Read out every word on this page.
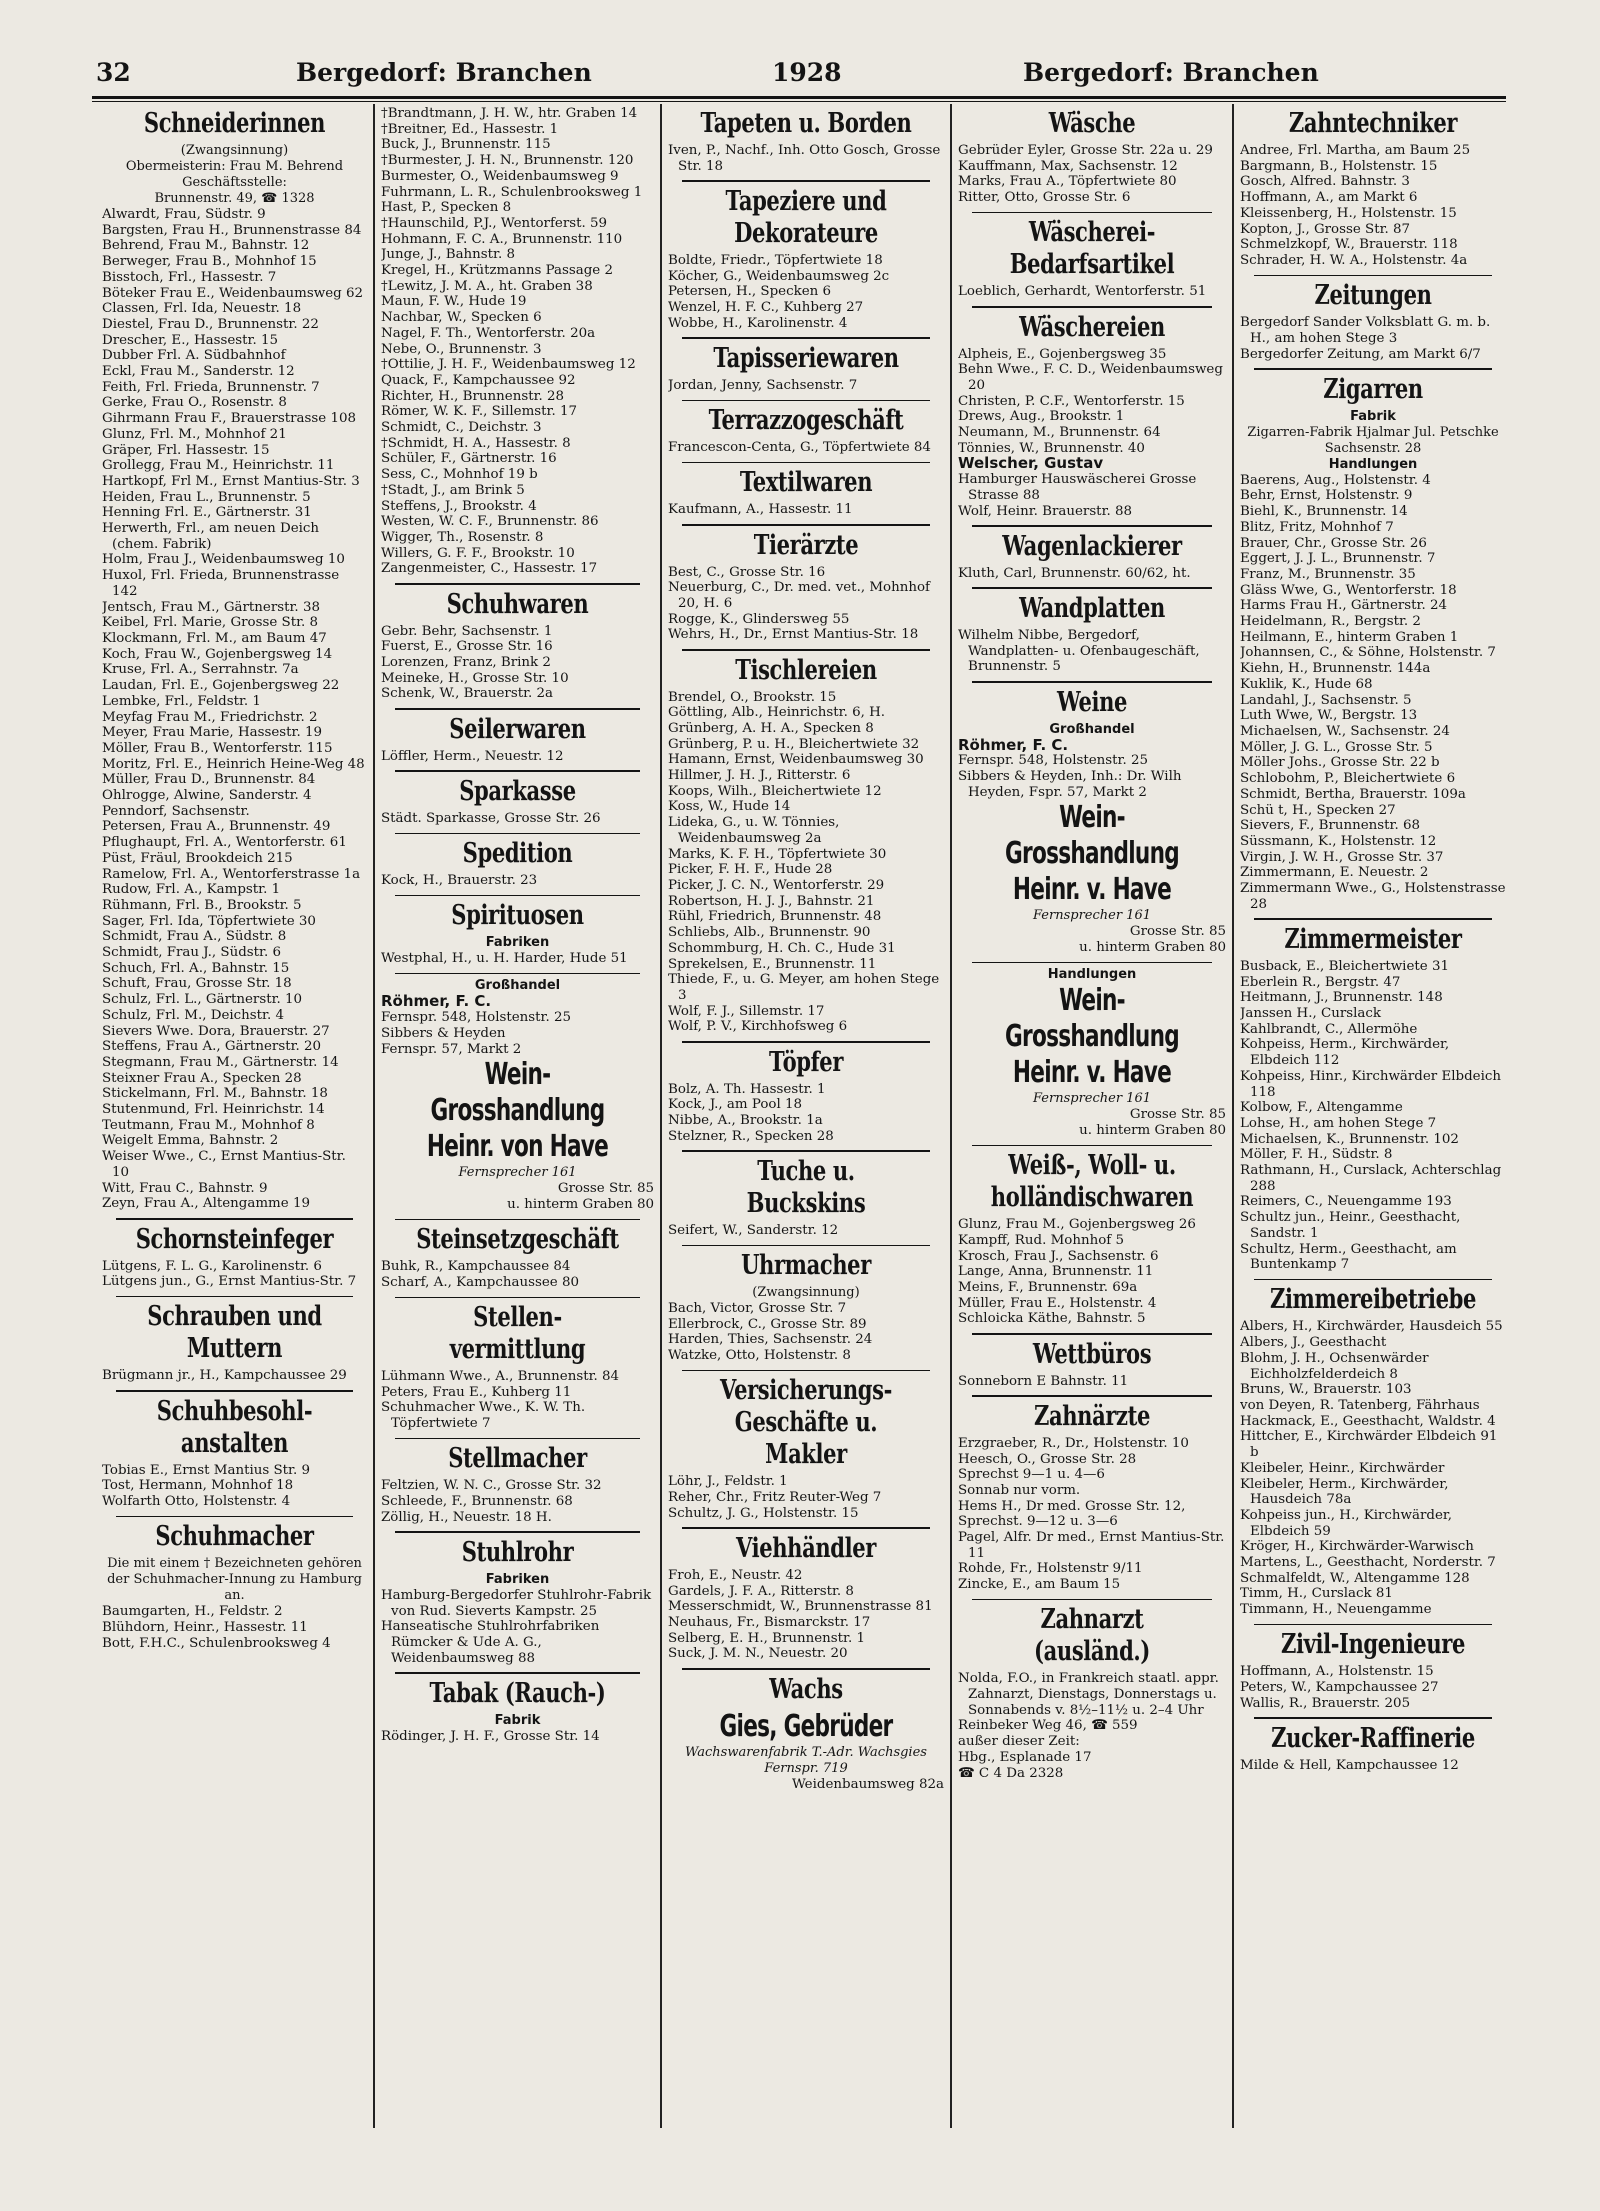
32	Bergedorf: Branchen	1928	Bergedorf: Branchen
Schneiderinnen
(Zwangsinnung)
Obermeisterin: Frau M. Behrend
Geschäftsstelle:
Brunnenstr. 49, ☎ 1328
Alwardt, Frau, Südstr. 9
Bargsten, Frau H., Brunnenstrasse 84
Behrend, Frau M., Bahnstr. 12
Berweger, Frau B., Mohnhof 15
Bisstoch, Frl., Hassestr. 7
Böteker Frau E., Weidenbaumsweg 62
Classen, Frl. Ida, Neuestr. 18
Diestel, Frau D., Brunnenstr. 22
Drescher, E., Hassestr. 15
Dubber Frl. A. Südbahnhof
Eckl, Frau M., Sanderstr. 12
Feith, Frl. Frieda, Brunnenstr. 7
Gerke, Frau O., Rosenstr. 8
Gihrmann Frau F., Brauerstrasse 108
Glunz, Frl. M., Mohnhof 21
Gräper, Frl. Hassestr. 15
Grollegg, Frau M., Heinrichstr. 11
Hartkopf, Frl M., Ernst Mantius-Str. 3
Heiden, Frau L., Brunnenstr. 5
Henning Frl. E., Gärtnerstr. 31
Herwerth, Frl., am neuen Deich (chem. Fabrik)
Holm, Frau J., Weidenbaumsweg 10
Huxol, Frl. Frieda, Brunnenstrasse 142
Jentsch, Frau M., Gärtnerstr. 38
Keibel, Frl. Marie, Grosse Str. 8
Klockmann, Frl. M., am Baum 47
Koch, Frau W., Gojenbergsweg 14
Kruse, Frl. A., Serrahnstr. 7a
Laudan, Frl. E., Gojenbergsweg 22
Lembke, Frl., Feldstr. 1
Meyfag Frau M., Friedrichstr. 2
Meyer, Frau Marie, Hassestr. 19
Möller, Frau B., Wentorferstr. 115
Moritz, Frl. E., Heinrich Heine-Weg 48
Müller, Frau D., Brunnenstr. 84
Ohlrogge, Alwine, Sanderstr. 4
Penndorf, Sachsenstr.
Petersen, Frau A., Brunnenstr. 49
Pflughaupt, Frl. A., Wentorferstr. 61
Püst, Fräul, Brookdeich 215
Ramelow, Frl. A., Wentorferstrasse 1a
Rudow, Frl. A., Kampstr. 1
Rühmann, Frl. B., Brookstr. 5
Sager, Frl. Ida, Töpfertwiete 30
Schmidt, Frau A., Südstr. 8
Schmidt, Frau J., Südstr. 6
Schuch, Frl. A., Bahnstr. 15
Schuft, Frau, Grosse Str. 18
Schulz, Frl. L., Gärtnerstr. 10
Schulz, Frl. M., Deichstr. 4
Sievers Wwe. Dora, Brauerstr. 27
Steffens, Frau A., Gärtnerstr. 20
Stegmann, Frau M., Gärtnerstr. 14
Steixner Frau A., Specken 28
Stickelmann, Frl. M., Bahnstr. 18
Stutenmund, Frl. Heinrichstr. 14
Teutmann, Frau M., Mohnhof 8
Weigelt Emma, Bahnstr. 2
Weiser Wwe., C., Ernst Mantius-Str. 10
Witt, Frau C., Bahnstr. 9
Zeyn, Frau A., Altengamme 19
Schornsteinfeger
Lütgens, F. L. G., Karolinenstr. 6
Lütgens jun., G., Ernst Mantius-Str. 7
Schrauben und Muttern
Brügmann jr., H., Kampchaussee 29
Schuhbesohl-anstalten
Tobias E., Ernst Mantius Str. 9
Tost, Hermann, Mohnhof 18
Wolfarth Otto, Holstenstr. 4
Schuhmacher
Die mit einem † Bezeichneten gehören der Schuhmacher-Innung zu Hamburg an.
Baumgarten, H., Feldstr. 2
Blühdorn, Heinr., Hassestr. 11
Bott, F.H.C., Schulenbrooksweg 4
†Brandtmann, J. H. W., htr. Graben 14
†Breitner, Ed., Hassestr. 1
Buck, J., Brunnenstr. 115
†Burmester, J. H. N., Brunnenstr. 120
Burmester, O., Weidenbaumsweg 9
Fuhrmann, L. R., Schulenbrooksweg 1
Hast, P., Specken 8
†Haunschild, P.J., Wentorferst. 59
Hohmann, F. C. A., Brunnenstr. 110
Junge, J., Bahnstr. 8
Kregel, H., Krützmanns Passage 2
†Lewitz, J. M. A., ht. Graben 38
Maun, F. W., Hude 19
Nachbar, W., Specken 6
Nagel, F. Th., Wentorferstr. 20a
Nebe, O., Brunnenstr. 3
†Ottilie, J. H. F., Weidenbaumsweg 12
Quack, F., Kampchaussee 92
Richter, H., Brunnenstr. 28
Römer, W. K. F., Sillemstr. 17
Schmidt, C., Deichstr. 3
†Schmidt, H. A., Hassestr. 8
Schüler, F., Gärtnerstr. 16
Sess, C., Mohnhof 19 b
†Stadt, J., am Brink 5
Steffens, J., Brookstr. 4
Westen, W. C. F., Brunnenstr. 86
Wigger, Th., Rosenstr. 8
Willers, G. F. F., Brookstr. 10
Zangenmeister, C., Hassestr. 17
Schuhwaren
Gebr. Behr, Sachsenstr. 1
Fuerst, E., Grosse Str. 16
Lorenzen, Franz, Brink 2
Meineke, H., Grosse Str. 10
Schenk, W., Brauerstr. 2a
Seilerwaren
Löffler, Herm., Neuestr. 12
Sparkasse
Städt. Sparkasse, Grosse Str. 26
Spedition
Kock, H., Brauerstr. 23
Spirituosen
Fabriken
Westphal, H., u. H. Harder, Hude 51
Großhandel
Röhmer, F. C.
Fernspr. 548, Holstenstr. 25
Sibbers & Heyden
Fernspr. 57, Markt 2
Wein-Grosshandlung
Heinr. von Have
Fernsprecher 161
Grosse Str. 85
u. hinterm Graben 80
Steinsetzgeschäft
Buhk, R., Kampchaussee 84
Scharf, A., Kampchaussee 80
Stellen-vermittlung
Lühmann Wwe., A., Brunnenstr. 84
Peters, Frau E., Kuhberg 11
Schuhmacher Wwe., K. W. Th. Töpfertwiete 7
Stellmacher
Feltzien, W. N. C., Grosse Str. 32
Schleede, F., Brunnenstr. 68
Zöllig, H., Neuestr. 18 H.
Stuhlrohr
Fabriken
Hamburg-Bergedorfer Stuhlrohr-Fabrik von Rud. Sieverts Kampstr. 25
Hanseatische Stuhlrohrfabriken Rümcker & Ude A. G., Weidenbaumsweg 88
Tabak (Rauch-)
Fabrik
Rödinger, J. H. F., Grosse Str. 14
Tapeten u. Borden
Iven, P., Nachf., Inh. Otto Gosch, Grosse Str. 18
Tapeziere und Dekorateure
Boldte, Friedr., Töpfertwiete 18
Köcher, G., Weidenbaumsweg 2c
Petersen, H., Specken 6
Wenzel, H. F. C., Kuhberg 27
Wobbe, H., Karolinenstr. 4
Tapisseriewaren
Jordan, Jenny, Sachsenstr. 7
Terrazzogeschäft
Francescon-Centa, G., Töpfertwiete 84
Textilwaren
Kaufmann, A., Hassestr. 11
Tierärzte
Best, C., Grosse Str. 16
Neuerburg, C., Dr. med. vet., Mohnhof 20, H. 6
Rogge, K., Glindersweg 55
Wehrs, H., Dr., Ernst Mantius-Str. 18
Tischlereien
Brendel, O., Brookstr. 15
Göttling, Alb., Heinrichstr. 6, H.
Grünberg, A. H. A., Specken 8
Grünberg, P. u. H., Bleichertwiete 32
Hamann, Ernst, Weidenbaumsweg 30
Hillmer, J. H. J., Ritterstr. 6
Koops, Wilh., Bleichertwiete 12
Koss, W., Hude 14
Lideka, G., u. W. Tönnies, Weidenbaumsweg 2a
Marks, K. F. H., Töpfertwiete 30
Picker, F. H. F., Hude 28
Picker, J. C. N., Wentorferstr. 29
Robertson, H. J. J., Bahnstr. 21
Rühl, Friedrich, Brunnenstr. 48
Schliebs, Alb., Brunnenstr. 90
Schommburg, H. Ch. C., Hude 31
Sprekelsen, E., Brunnenstr. 11
Thiede, F., u. G. Meyer, am hohen Stege 3
Wolf, F. J., Sillemstr. 17
Wolf, P. V., Kirchhofsweg 6
Töpfer
Bolz, A. Th. Hassestr. 1
Kock, J., am Pool 18
Nibbe, A., Brookstr. 1a
Stelzner, R., Specken 28
Tuche u. Buckskins
Seifert, W., Sanderstr. 12
Uhrmacher
(Zwangsinnung)
Bach, Victor, Grosse Str. 7
Ellerbrock, C., Grosse Str. 89
Harden, Thies, Sachsenstr. 24
Watzke, Otto, Holstenstr. 8
Versicherungs-Geschäfte u. Makler
Löhr, J., Feldstr. 1
Reher, Chr., Fritz Reuter-Weg 7
Schultz, J. G., Holstenstr. 15
Viehhändler
Froh, E., Neustr. 42
Gardels, J. F. A., Ritterstr. 8
Messerschmidt, W., Brunnenstrasse 81
Neuhaus, Fr., Bismarckstr. 17
Selberg, E. H., Brunnenstr. 1
Suck, J. M. N., Neuestr. 20
Wachs
Gies, Gebrüder
Wachswarenfabrik T.-Adr. Wachsgies Fernspr. 719
Weidenbaumsweg 82a
Wäsche
Gebrüder Eyler, Grosse Str. 22a u. 29
Kauffmann, Max, Sachsenstr. 12
Marks, Frau A., Töpfertwiete 80
Ritter, Otto, Grosse Str. 6
Wäscherei-Bedarfsartikel
Loeblich, Gerhardt, Wentorferstr. 51
Wäschereien
Alpheis, E., Gojenbergsweg 35
Behn Wwe., F. C. D., Weidenbaumsweg 20
Christen, P. C.F., Wentorferstr. 15
Drews, Aug., Brookstr. 1
Neumann, M., Brunnenstr. 64
Tönnies, W., Brunnenstr. 40
Welscher, Gustav
Hamburger Hauswäscherei Grosse Strasse 88
Wolf, Heinr. Brauerstr. 88
Wagenlackierer
Kluth, Carl, Brunnenstr. 60/62, ht.
Wandplatten
Wilhelm Nibbe, Bergedorf, Wandplatten- u. Ofenbaugeschäft, Brunnenstr. 5
Weine
Großhandel
Röhmer, F. C.
Fernspr. 548, Holstenstr. 25
Sibbers & Heyden, Inh.: Dr. Wilh Heyden, Fspr. 57, Markt 2
Wein-Grosshandlung
Heinr. v. Have
Fernsprecher 161
Grosse Str. 85
u. hinterm Graben 80
Handlungen
Wein-Grosshandlung
Heinr. v. Have
Fernsprecher 161
Grosse Str. 85
u. hinterm Graben 80
Weiß-, Woll- u. holländischwaren
Glunz, Frau M., Gojenbergsweg 26
Kampff, Rud. Mohnhof 5
Krosch, Frau J., Sachsenstr. 6
Lange, Anna, Brunnenstr. 11
Meins, F., Brunnenstr. 69a
Müller, Frau E., Holstenstr. 4
Schloicka Käthe, Bahnstr. 5
Wettbüros
Sonneborn E Bahnstr. 11
Zahnärzte
Erzgraeber, R., Dr., Holstenstr. 10
Heesch, O., Grosse Str. 28
Sprechst 9—1 u. 4—6
Sonnab nur vorm.
Hems H., Dr med. Grosse Str. 12,
Sprechst. 9—12 u. 3—6
Pagel, Alfr. Dr med., Ernst Mantius-Str. 11
Rohde, Fr., Holstenstr 9/11
Zincke, E., am Baum 15
Zahnarzt (ausländ.)
Nolda, F.O., in Frankreich staatl. appr. Zahnarzt, Dienstags, Donnerstags u. Sonnabends v. 8½–11½ u. 2–4 Uhr
Reinbeker Weg 46, ☎ 559
außer dieser Zeit:
Hbg., Esplanade 17
☎ C 4 Da 2328
Zahntechniker
Andree, Frl. Martha, am Baum 25
Bargmann, B., Holstenstr. 15
Gosch, Alfred. Bahnstr. 3
Hoffmann, A., am Markt 6
Kleissenberg, H., Holstenstr. 15
Kopton, J., Grosse Str. 87
Schmelzkopf, W., Brauerstr. 118
Schrader, H. W. A., Holstenstr. 4a
Zeitungen
Bergedorf Sander Volksblatt G. m. b. H., am hohen Stege 3
Bergedorfer Zeitung, am Markt 6/7
Zigarren
Fabrik
Zigarren-Fabrik Hjalmar Jul. Petschke Sachsenstr. 28
Handlungen
Baerens, Aug., Holstenstr. 4
Behr, Ernst, Holstenstr. 9
Biehl, K., Brunnenstr. 14
Blitz, Fritz, Mohnhof 7
Brauer, Chr., Grosse Str. 26
Eggert, J. J. L., Brunnenstr. 7
Franz, M., Brunnenstr. 35
Gläss Wwe, G., Wentorferstr. 18
Harms Frau H., Gärtnerstr. 24
Heidelmann, R., Bergstr. 2
Heilmann, E., hinterm Graben 1
Johannsen, C., & Söhne, Holstenstr. 7
Kiehn, H., Brunnenstr. 144a
Kuklik, K., Hude 68
Landahl, J., Sachsenstr. 5
Luth Wwe, W., Bergstr. 13
Michaelsen, W., Sachsenstr. 24
Möller, J. G. L., Grosse Str. 5
Möller Johs., Grosse Str. 22 b
Schlobohm, P., Bleichertwiete 6
Schmidt, Bertha, Brauerstr. 109a
Schü t, H., Specken 27
Sievers, F., Brunnenstr. 68
Süssmann, K., Holstenstr. 12
Virgin, J. W. H., Grosse Str. 37
Zimmermann, E. Neuestr. 2
Zimmermann Wwe., G., Holstenstrasse 28
Zimmermeister
Busback, E., Bleichertwiete 31
Eberlein R., Bergstr. 47
Heitmann, J., Brunnenstr. 148
Janssen H., Curslack
Kahlbrandt, C., Allermöhe
Kohpeiss, Herm., Kirchwärder, Elbdeich 112
Kohpeiss, Hinr., Kirchwärder Elbdeich 118
Kolbow, F., Altengamme
Lohse, H., am hohen Stege 7
Michaelsen, K., Brunnenstr. 102
Möller, F. H., Südstr. 8
Rathmann, H., Curslack, Achterschlag 288
Reimers, C., Neuengamme 193
Schultz jun., Heinr., Geesthacht, Sandstr. 1
Schultz, Herm., Geesthacht, am Buntenkamp 7
Zimmereibetriebe
Albers, H., Kirchwärder, Hausdeich 55
Albers, J., Geesthacht
Blohm, J. H., Ochsenwärder Eichholzfelderdeich 8
Bruns, W., Brauerstr. 103
von Deyen, R. Tatenberg, Fährhaus
Hackmack, E., Geesthacht, Waldstr. 4
Hittcher, E., Kirchwärder Elbdeich 91 b
Kleibeler, Heinr., Kirchwärder
Kleibeler, Herm., Kirchwärder, Hausdeich 78a
Kohpeiss jun., H., Kirchwärder, Elbdeich 59
Kröger, H., Kirchwärder-Warwisch
Martens, L., Geesthacht, Norderstr. 7
Schmalfeldt, W., Altengamme 128
Timm, H., Curslack 81
Timmann, H., Neuengamme
Zivil-Ingenieure
Hoffmann, A., Holstenstr. 15
Peters, W., Kampchaussee 27
Wallis, R., Brauerstr. 205
Zucker-Raffinerie
Milde & Hell, Kampchaussee 12
